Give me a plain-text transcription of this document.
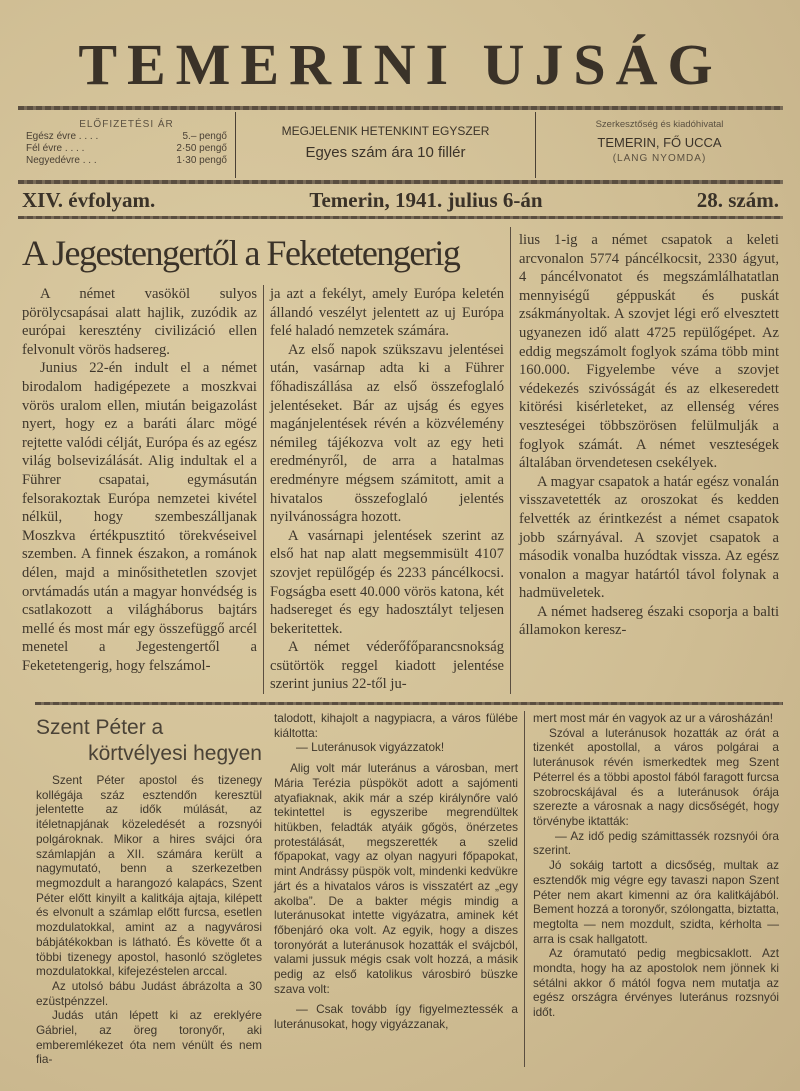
TEMERINI UJSÁG
ELŐFIZETÉSI ÁR
Egész évre . . . .	5.– pengő
Fél évre . . . .	2·50 pengő
Negyedévre . . .	1·30 pengő
MEGJELENIK HETENKINT EGYSZER
Egyes szám ára 10 fillér
Szerkesztőség és kiadóhivatal
TEMERIN, FŐ UCCA
(LANG NYOMDA)
XIV. évfolyam.	Temerin, 1941. julius 6-án	28. szám.
A Jegestengertől a Feketetengerig

A német vasököl sulyos pörölycsapásai alatt hajlik, zuzódik az európai keresztény civilizáció ellen felvonult vörös hadsereg.

Junius 22-én indult el a német birodalom hadigépezete a moszkvai vörös uralom ellen, miután beigazolást nyert, hogy ez a baráti álarc mögé rejtette valódi célját, Európa és az egész világ bolsevizálását. Alig indultak el a Führer csapatai, egymásután felsorakoztak Európa nemzetei kivétel nélkül, hogy szembeszálljanak Moszkva értékpusztitó törekvéseivel szemben. A finnek északon, a románok délen, majd a minősithetetlen szovjet orvtámadás után a magyar honvédség is csatlakozott a világháborus bajtárs mellé és most már egy összefüggő arcél menetel a Jegestengertől a Feketetengerig, hogy felszámol-

ja azt a fekélyt, amely Európa keletén állandó veszélyt jelentett az uj Európa felé haladó nemzetek számára.

Az első napok szükszavu jelentései után, vasárnap adta ki a Führer főhadiszállása az első összefoglaló jelentéseket. Bár az ujság és egyes magánjelentések révén a közvélemény némileg tájékozva volt az egy heti eredményről, de arra a hatalmas eredményre mégsem számitott, amit a hivatalos összefoglaló jelentés nyilvánosságra hozott.

A vasárnapi jelentések szerint az első hat nap alatt megsemmisült 4107 szovjet repülőgép és 2233 páncélkocsi. Fogságba esett 40.000 vörös katona, két hadsereget és egy hadosztályt teljesen bekeritettek.

A német véderőfőparancsnokság csütörtök reggel kiadott jelentése szerint junius 22-től ju-

lius 1-ig a német csapatok a keleti arcvonalon 5774 páncélkocsit, 2330 ágyut, 4 páncélvonatot és megszámlálhatatlan mennyiségű géppuskát és puskát zsákmányoltak. A szovjet légi erő elvesztett ugyanezen idő alatt 4725 repülőgépet. Az eddig megszámolt foglyok száma több mint 160.000. Figyelembe véve a szovjet védekezés szivósságát és az elkeseredett kitörési kisérleteket, az ellenség véres veszteségei többszörösen felülmulják a foglyok számát. A német veszteségek általában örvendetesen csekélyek.

A magyar csapatok a határ egész vonalán visszavetették az oroszokat és kedden felvették az érintkezést a német csapatok jobb szárnyával. A szovjet csapatok a második vonalba huzódtak vissza. Az egész vonalon a magyar határtól távol folynak a hadmüveletek.

A német hadsereg északi csoporja a balti államokon keresz-

Szent Péter a
körtvélyesi hegyen

Szent Péter apostol és tizenegy kollégája száz esztendőn keresztül jelentette az idők múlását, az itéletnapjának közeledését a rozsnyói polgároknak. Mikor a hires svájci óra számlapján a XII. számára került a nagymutató, benn a szerkezetben megmozdult a harangozó kalapács, Szent Péter előtt kinyilt a kalitkája ajtaja, kilépett és elvonult a számlap előtt furcsa, esetlen mozdulatokkal, amint az a nagyvárosi bábjátékokban is látható. És követte őt a többi tizenegy apostol, hasonló szögletes mozdulatokkal, kifejezéstelen arccal.

Az utolsó bábu Judást ábrázolta a 30 ezüstpénzzel.

Judás után lépett ki az ereklyére Gábriel, az öreg toronyőr, aki emberemlékezet óta nem vénült és nem fia-

talodott, kihajolt a nagypiacra, a város fülébe kiáltotta:

— Luteránusok vigyázzatok!

Alig volt már luteránus a városban, mert Mária Terézia püspököt adott a sajómenti atyafiaknak, akik már a szép királynőre való tekintettel is egyszeribe megrendültek hitükben, feladták atyáik gőgös, önérzetes protestálását, megszerették a szelid főpapokat, vagy az olyan nagyuri főpapokat, mint Andrássy püspök volt, mindenki kedvükre járt és a hivatalos város is visszatért az „egy akolba”. De a bakter mégis mindig a luteránusokat intette vigyázatra, aminek két főbenjáró oka volt. Az egyik, hogy a diszes toronyórát a luteránusok hozatták el svájcból, valami jussuk mégis csak volt hozzá, a másik pedig az első katolikus városbiró büszke szava volt:

— Csak tovább így figyelmeztessék a luteránusokat, hogy vigyázzanak,

mert most már én vagyok az ur a városházán!

Szóval a luteránusok hozatták az órát a tizenkét apostollal, a város polgárai a luteránusok révén ismerkedtek meg Szent Péterrel és a többi apostol fából faragott furcsa szobrocskájával és a luteránusok órája szerezte a városnak a nagy dicsőségét, hogy törvénybe iktatták:

— Az idő pedig számittassék rozsnyói óra szerint.

Jó sokáig tartott a dicsőség, multak az esztendők mig végre egy tavaszi napon Szent Péter nem akart kimenni az óra kalitkájából. Bement hozzá a toronyőr, szólongatta, biztatta, megtolta — nem mozdult, szidta, kérholta — arra is csak hallgatott.

Az óramutató pedig megbicsaklott. Azt mondta, hogy ha az apostolok nem jönnek ki sétálni akkor ő mától fogva nem mutatja az egész országra érvényes luteránus rozsnyói időt.
